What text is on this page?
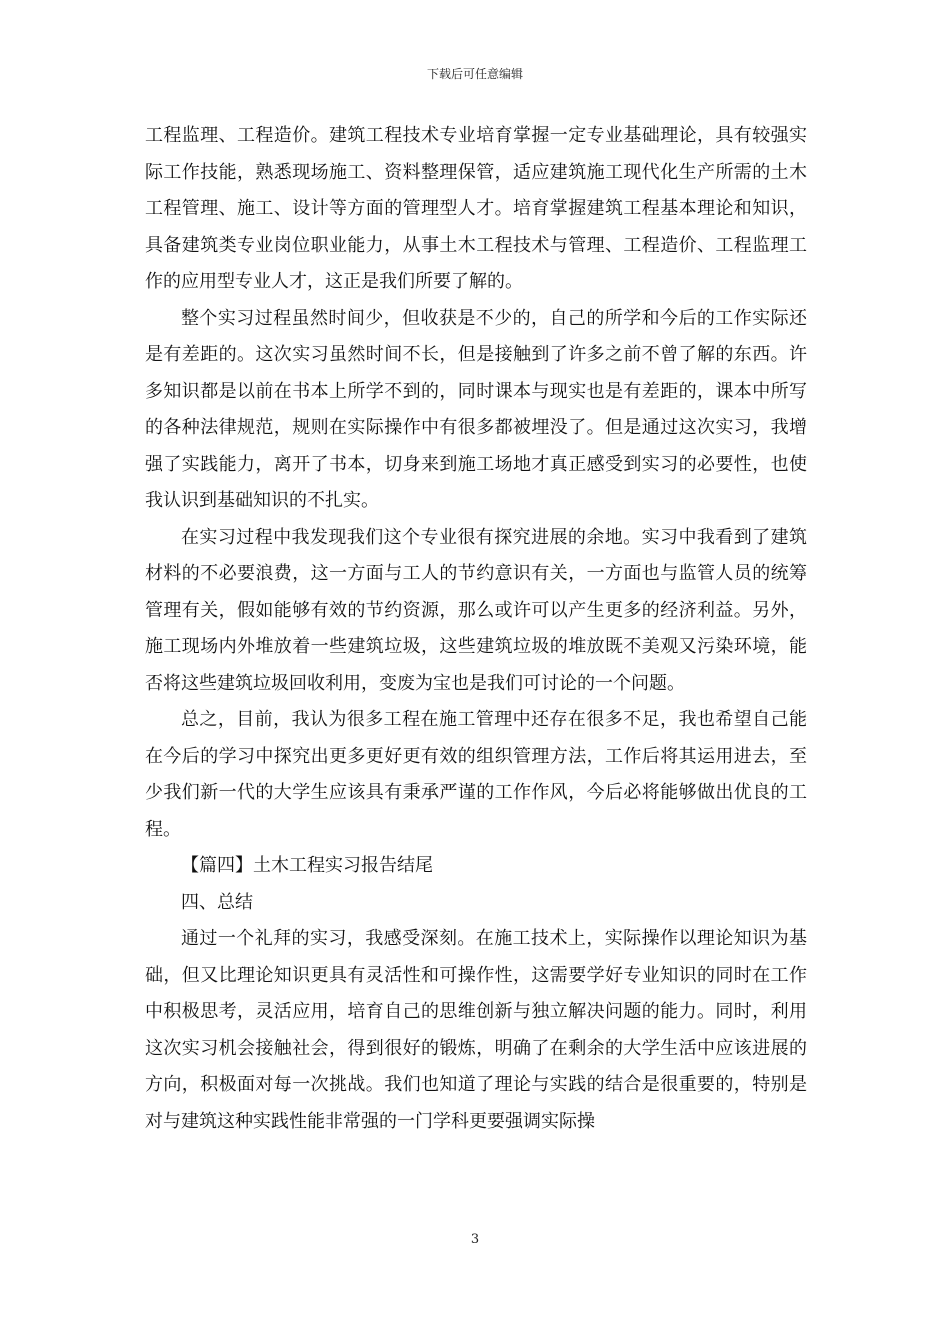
下载后可任意编辑

工程监理、工程造价。建筑工程技术专业培育掌握一定专业基础理论，具有较强实际工作技能，熟悉现场施工、资料整理保管，适应建筑施工现代化生产所需的土木工程管理、施工、设计等方面的管理型人才。培育掌握建筑工程基本理论和知识，具备建筑类专业岗位职业能力，从事土木工程技术与管理、工程造价、工程监理工作的应用型专业人才，这正是我们所要了解的。

整个实习过程虽然时间少，但收获是不少的，自己的所学和今后的工作实际还是有差距的。这次实习虽然时间不长，但是接触到了许多之前不曾了解的东西。许多知识都是以前在书本上所学不到的，同时课本与现实也是有差距的，课本中所写的各种法律规范，规则在实际操作中有很多都被埋没了。但是通过这次实习，我增强了实践能力，离开了书本，切身来到施工场地才真正感受到实习的必要性，也使我认识到基础知识的不扎实。

在实习过程中我发现我们这个专业很有探究进展的余地。实习中我看到了建筑材料的不必要浪费，这一方面与工人的节约意识有关，一方面也与监管人员的统筹管理有关，假如能够有效的节约资源，那么或许可以产生更多的经济利益。另外，施工现场内外堆放着一些建筑垃圾，这些建筑垃圾的堆放既不美观又污染环境，能否将这些建筑垃圾回收利用，变废为宝也是我们可讨论的一个问题。

总之，目前，我认为很多工程在施工管理中还存在很多不足，我也希望自己能在今后的学习中探究出更多更好更有效的组织管理方法，工作后将其运用进去，至少我们新一代的大学生应该具有秉承严谨的工作作风，今后必将能够做出优良的工程。

【篇四】土木工程实习报告结尾

四、总结

通过一个礼拜的实习，我感受深刻。在施工技术上，实际操作以理论知识为基础，但又比理论知识更具有灵活性和可操作性，这需要学好专业知识的同时在工作中积极思考，灵活应用，培育自己的思维创新与独立解决问题的能力。同时，利用这次实习机会接触社会，得到很好的锻炼，明确了在剩余的大学生活中应该进展的方向，积极面对每一次挑战。我们也知道了理论与实践的结合是很重要的，特别是对与建筑这种实践性能非常强的一门学科更要强调实际操

3
